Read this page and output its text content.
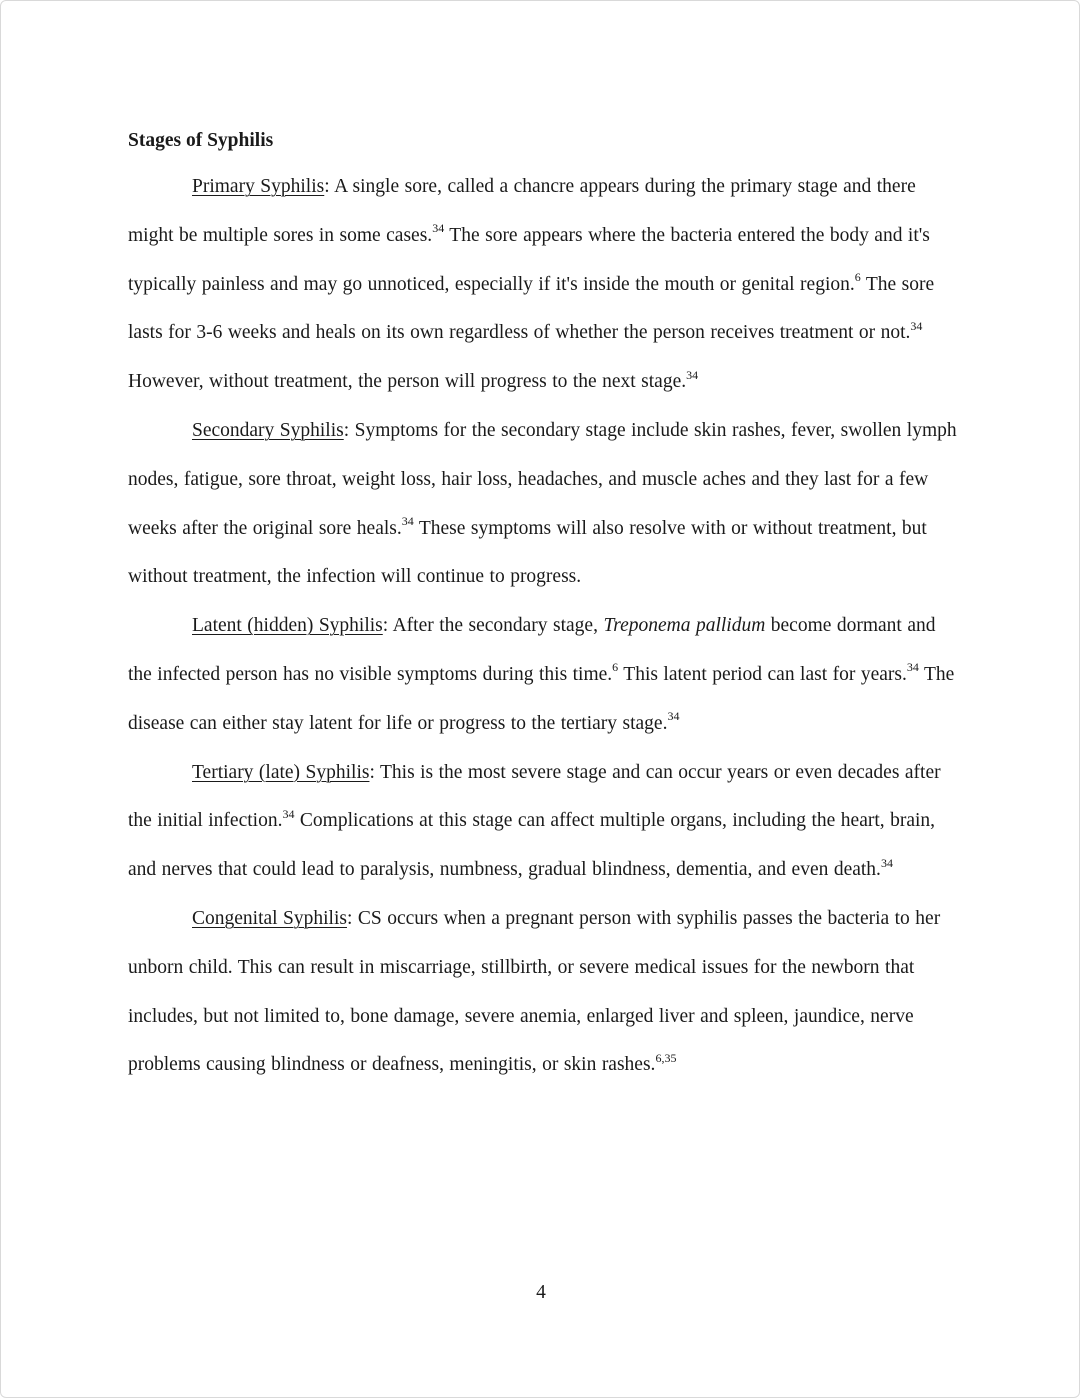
Stages of Syphilis

Primary Syphilis: A single sore, called a chancre appears during the primary stage and there might be multiple sores in some cases.$^{34}$ The sore appears where the bacteria entered the body and it's typically painless and may go unnoticed, especially if it's inside the mouth or genital region.$^6$ The sore lasts for 3-6 weeks and heals on its own regardless of whether the person receives treatment or not.$^{34}$ However, without treatment, the person will progress to the next stage.$^{34}$

Secondary Syphilis: Symptoms for the secondary stage include skin rashes, fever, swollen lymph nodes, fatigue, sore throat, weight loss, hair loss, headaches, and muscle aches and they last for a few weeks after the original sore heals.$^{34}$ These symptoms will also resolve with or without treatment, but without treatment, the infection will continue to progress.

Latent (hidden) Syphilis: After the secondary stage, Treponema pallidum become dormant and the infected person has no visible symptoms during this time.$^6$ This latent period can last for years.$^{34}$ The disease can either stay latent for life or progress to the tertiary stage.$^{34}$

Tertiary (late) Syphilis: This is the most severe stage and can occur years or even decades after the initial infection.$^{34}$ Complications at this stage can affect multiple organs, including the heart, brain, and nerves that could lead to paralysis, numbness, gradual blindness, dementia, and even death.$^{34}$

Congenital Syphilis: CS occurs when a pregnant person with syphilis passes the bacteria to her unborn child. This can result in miscarriage, stillbirth, or severe medical issues for the newborn that includes, but not limited to, bone damage, severe anemia, enlarged liver and spleen, jaundice, nerve problems causing blindness or deafness, meningitis, or skin rashes.$^{6,35}$

4
